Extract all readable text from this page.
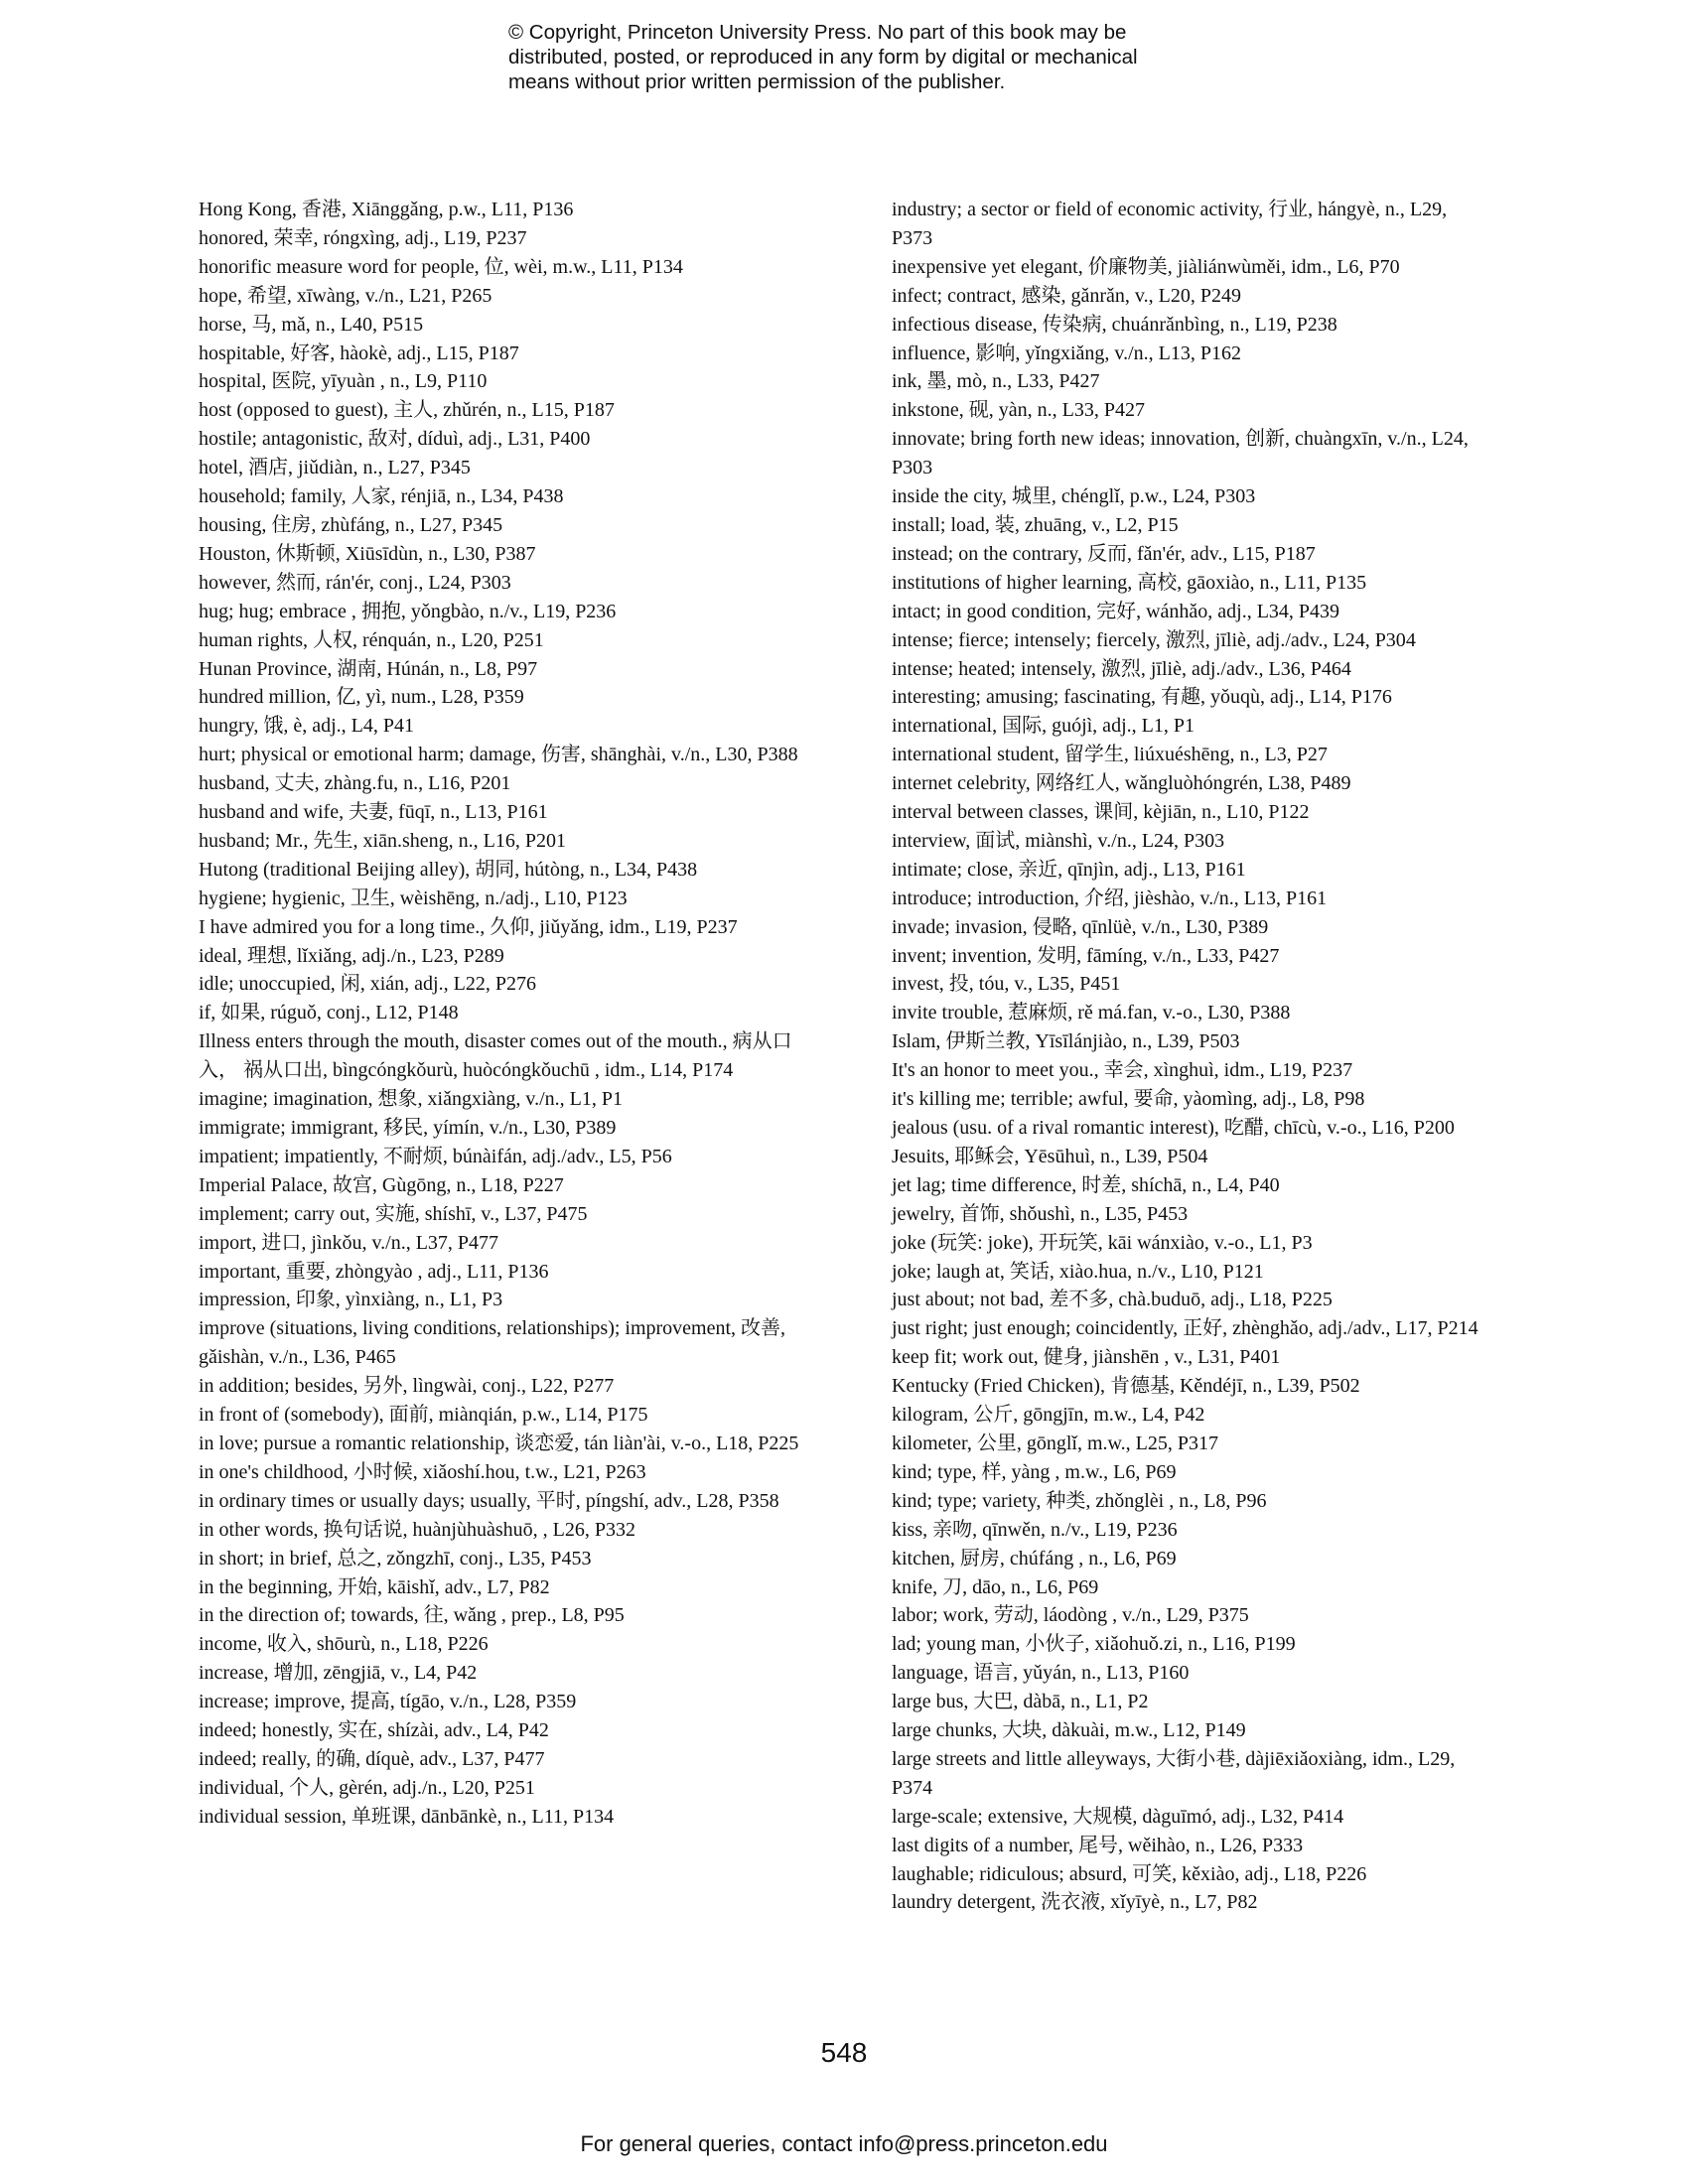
© Copyright, Princeton University Press. No part of this book may be
distributed, posted, or reproduced in any form by digital or mechanical
means without prior written permission of the publisher.
Hong Kong, 香港, Xiānggǎng, p.w., L11, P136
honored, 荣幸, róngxìng, adj., L19, P237
honorific measure word for people, 位, wèi, m.w., L11, P134
hope, 希望, xīwàng, v./n., L21, P265
horse, 马, mǎ, n., L40, P515
hospitable, 好客, hàokè, adj., L15, P187
hospital, 医院, yīyuàn , n., L9, P110
host (opposed to guest), 主人, zhǔrén, n., L15, P187
hostile; antagonistic, 敌对, díduì, adj., L31, P400
hotel, 酒店, jiǔdiàn, n., L27, P345
household; family, 人家, rénjiā, n., L34, P438
housing, 住房, zhùfáng, n., L27, P345
Houston, 休斯顿, Xiūsīdùn, n., L30, P387
however, 然而, rán'ér, conj., L24, P303
hug; hug; embrace , 拥抱, yǒngbào, n./v., L19, P236
human rights, 人权, rénquán, n., L20, P251
Hunan Province, 湖南, Húnán, n., L8, P97
hundred million, 亿, yì, num., L28, P359
hungry, 饿, è, adj., L4, P41
hurt; physical or emotional harm; damage, 伤害, shānghài, v./n., L30, P388
husband, 丈夫, zhàng.fu, n., L16, P201
husband and wife, 夫妻, fūqī, n., L13, P161
husband; Mr., 先生, xiān.sheng, n., L16, P201
Hutong (traditional Beijing alley), 胡同, hútòng, n., L34, P438
hygiene; hygienic, 卫生, wèishēng, n./adj., L10, P123
I have admired you for a long time., 久仰, jiǔyǎng, idm., L19, P237
ideal, 理想, lǐxiǎng, adj./n., L23, P289
idle; unoccupied, 闲, xián, adj., L22, P276
if, 如果, rúguǒ, conj., L12, P148
Illness enters through the mouth, disaster comes out of the mouth., 病从口入， 祸从口出, bìngcóngkǒurù, huòcóngkǒuchū , idm., L14, P174
imagine; imagination, 想象, xiǎngxiàng, v./n., L1, P1
immigrate; immigrant, 移民, yímín, v./n., L30, P389
impatient; impatiently, 不耐烦, búnàifán, adj./adv., L5, P56
Imperial Palace, 故宫, Gùgōng, n., L18, P227
implement; carry out, 实施, shíshī, v., L37, P475
import, 进口, jìnkǒu, v./n., L37, P477
important, 重要, zhòngyào , adj., L11, P136
impression, 印象, yìnxiàng, n., L1, P3
improve (situations, living conditions, relationships); improvement, 改善, gǎishàn, v./n., L36, P465
in addition; besides, 另外, lìngwài, conj., L22, P277
in front of (somebody), 面前, miànqián, p.w., L14, P175
in love; pursue a romantic relationship, 谈恋爱, tán liàn'ài, v.-o., L18, P225
in one's childhood, 小时候, xiǎoshí.hou, t.w., L21, P263
in ordinary times or usually days; usually, 平时, píngshí, adv., L28, P358
in other words, 换句话说, huànjùhuàshuō, , L26, P332
in short; in brief, 总之, zǒngzhī, conj., L35, P453
in the beginning, 开始, kāishǐ, adv., L7, P82
in the direction of; towards, 往, wǎng , prep., L8, P95
income, 收入, shōurù, n., L18, P226
increase, 增加, zēngjiā, v., L4, P42
increase; improve, 提高, tígāo, v./n., L28, P359
indeed; honestly, 实在, shízài, adv., L4, P42
indeed; really, 的确, díquè, adv., L37, P477
individual, 个人, gèrén, adj./n., L20, P251
individual session, 单班课, dānbānkè, n., L11, P134
industry; a sector or field of economic activity, 行业, hángyè, n., L29, P373
inexpensive yet elegant, 价廉物美, jiàliánwùměi, idm., L6, P70
infect; contract, 感染, gǎnrǎn, v., L20, P249
infectious disease, 传染病, chuánrǎnbìng, n., L19, P238
influence, 影响, yǐngxiǎng, v./n., L13, P162
ink, 墨, mò, n., L33, P427
inkstone, 砚, yàn, n., L33, P427
innovate; bring forth new ideas; innovation, 创新, chuàngxīn, v./n., L24, P303
inside the city, 城里, chénglǐ, p.w., L24, P303
install; load, 装, zhuāng, v., L2, P15
instead; on the contrary, 反而, fǎn'ér, adv., L15, P187
institutions of higher learning, 高校, gāoxiào, n., L11, P135
intact; in good condition, 完好, wánhǎo, adj., L34, P439
intense; fierce; intensely; fiercely, 激烈, jīliè, adj./adv., L24, P304
intense; heated; intensely, 激烈, jīliè, adj./adv., L36, P464
interesting; amusing; fascinating, 有趣, yǒuqù, adj., L14, P176
international, 国际, guójì, adj., L1, P1
international student, 留学生, liúxuéshēng, n., L3, P27
internet celebrity, 网络红人, wǎngluòhóngrén, L38, P489
interval between classes, 课间, kèjiān, n., L10, P122
interview, 面试, miànshì, v./n., L24, P303
intimate; close, 亲近, qīnjìn, adj., L13, P161
introduce; introduction, 介绍, jièshào, v./n., L13, P161
invade; invasion, 侵略, qīnlüè, v./n., L30, P389
invent; invention, 发明, fāmíng, v./n., L33, P427
invest, 投, tóu, v., L35, P451
invite trouble, 惹麻烦, rě má.fan, v.-o., L30, P388
Islam, 伊斯兰教, Yīsīlánjiào, n., L39, P503
It's an honor to meet you., 幸会, xìnghuì, idm., L19, P237
it's killing me; terrible; awful, 要命, yàomìng, adj., L8, P98
jealous (usu. of a rival romantic interest), 吃醋, chīcù, v.-o., L16, P200
Jesuits, 耶稣会, Yēsūhuì, n., L39, P504
jet lag; time difference, 时差, shíchā, n., L4, P40
jewelry, 首饰, shǒushì, n., L35, P453
joke (玩笑: joke), 开玩笑, kāi wánxiào, v.-o., L1, P3
joke; laugh at, 笑话, xiào.hua, n./v., L10, P121
just about; not bad, 差不多, chà.buduō, adj., L18, P225
just right; just enough; coincidently, 正好, zhènghǎo, adj./adv., L17, P214
keep fit; work out, 健身, jiànshēn , v., L31, P401
Kentucky (Fried Chicken), 肯德基, Kěndéjī, n., L39, P502
kilogram, 公斤, gōngjīn, m.w., L4, P42
kilometer, 公里, gōnglǐ, m.w., L25, P317
kind; type, 样, yàng , m.w., L6, P69
kind; type; variety, 种类, zhǒnglèi , n., L8, P96
kiss, 亲吻, qīnwěn, n./v., L19, P236
kitchen, 厨房, chúfáng , n., L6, P69
knife, 刀, dāo, n., L6, P69
labor; work, 劳动, láodòng , v./n., L29, P375
lad; young man, 小伙子, xiǎohuǒ.zi, n., L16, P199
language, 语言, yǔyán, n., L13, P160
large bus, 大巴, dàbā, n., L1, P2
large chunks, 大块, dàkuài, m.w., L12, P149
large streets and little alleyways, 大街小巷, dàjiēxiǎoxiàng, idm., L29, P374
large-scale; extensive, 大规模, dàguīmó, adj., L32, P414
last digits of a number, 尾号, wěihào, n., L26, P333
laughable; ridiculous; absurd, 可笑, kěxiào, adj., L18, P226
laundry detergent, 洗衣液, xǐyīyè, n., L7, P82
548
For general queries, contact info@press.princeton.edu
